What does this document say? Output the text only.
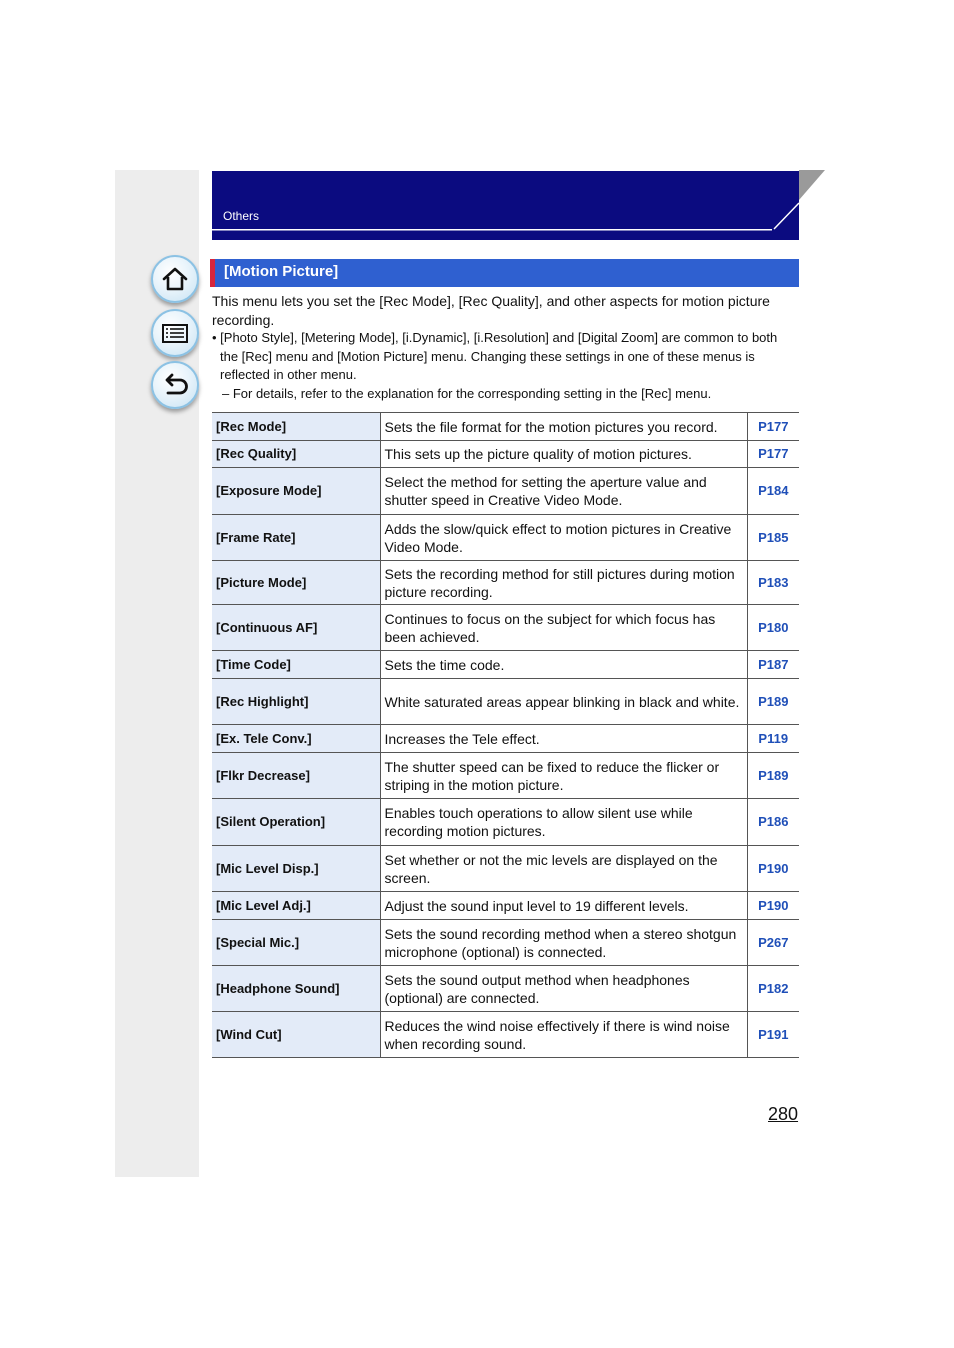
Others
[Motion Picture]
This menu lets you set the [Rec Mode], [Rec Quality], and other aspects for motion picture recording.
• [Photo Style], [Metering Mode], [i.Dynamic], [i.Resolution] and [Digital Zoom] are common to both the [Rec] menu and [Motion Picture] menu. Changing these settings in one of these menus is reflected in other menu.
– For details, refer to the explanation for the corresponding setting in the [Rec] menu.
[Rec Mode]	Sets the file format for the motion pictures you record.	P177
[Rec Quality]	This sets up the picture quality of motion pictures.	P177
[Exposure Mode]	Select the method for setting the aperture value and shutter speed in Creative Video Mode.	P184
[Frame Rate]	Adds the slow/quick effect to motion pictures in Creative Video Mode.	P185
[Picture Mode]	Sets the recording method for still pictures during motion picture recording.	P183
[Continuous AF]	Continues to focus on the subject for which focus has been achieved.	P180
[Time Code]	Sets the time code.	P187
[Rec Highlight]	White saturated areas appear blinking in black and white.	P189
[Ex. Tele Conv.]	Increases the Tele effect.	P119
[Flkr Decrease]	The shutter speed can be fixed to reduce the flicker or striping in the motion picture.	P189
[Silent Operation]	Enables touch operations to allow silent use while recording motion pictures.	P186
[Mic Level Disp.]	Set whether or not the mic levels are displayed on the screen.	P190
[Mic Level Adj.]	Adjust the sound input level to 19 different levels.	P190
[Special Mic.]	Sets the sound recording method when a stereo shotgun microphone (optional) is connected.	P267
[Headphone Sound]	Sets the sound output method when headphones (optional) are connected.	P182
[Wind Cut]	Reduces the wind noise effectively if there is wind noise when recording sound.	P191
280
